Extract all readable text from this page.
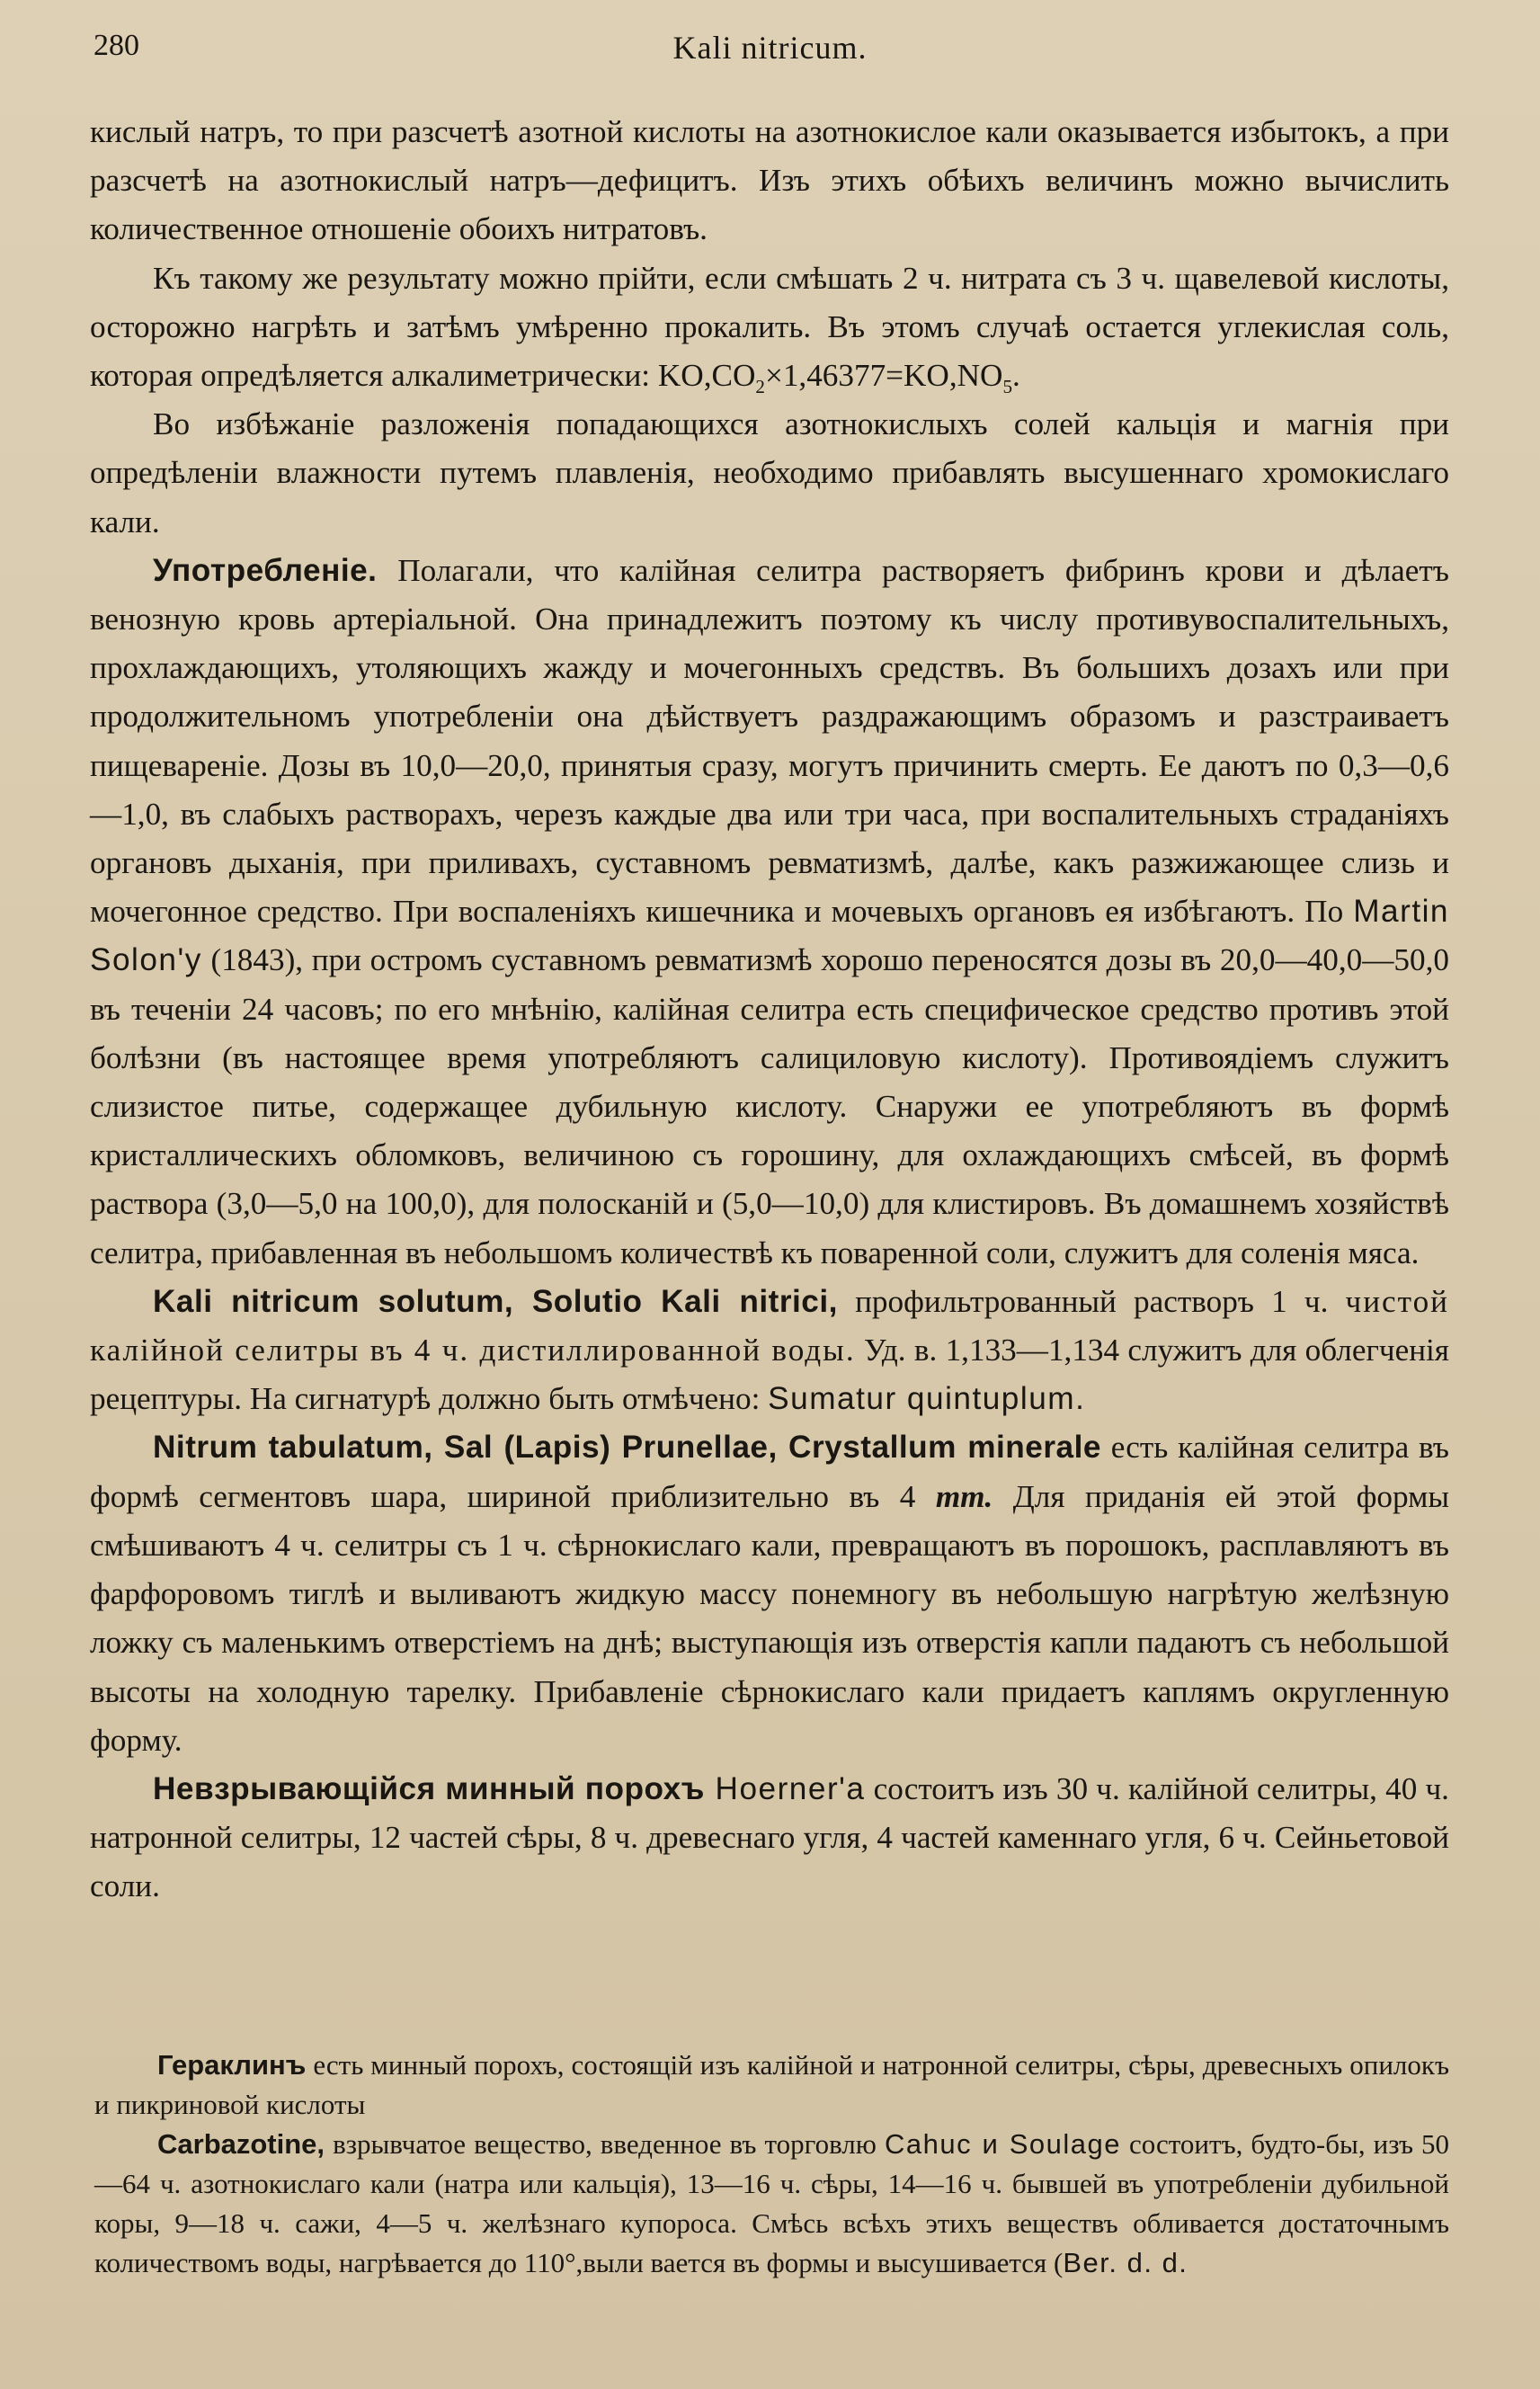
280	Kali nitricum.

кислый натръ, то при разсчетѣ азотной кислоты на азотнокислое кали оказывается избытокъ, а при разсчетѣ на азотнокислый натръ—дефицитъ. Изъ этихъ обѣихъ величинъ можно вычислить количественное отношеніе обоихъ нитратовъ.

Къ такому же результату можно прійти, если смѣшать 2 ч. нитрата съ 3 ч. щавелевой кислоты, осторожно нагрѣть и затѣмъ умѣренно прокалить. Въ этомъ случаѣ остается углекислая соль, которая опредѣляется алкалиметрически: $KO,CO_2\times 1,46377=KO,NO_5$.

Во избѣжаніе разложенія попадающихся азотнокислыхъ солей кальція и магнія при опредѣленіи влажности путемъ плавленія, необходимо прибавлять высушеннаго хромокислаго кали.

Употребленіе. Полагали, что калійная селитра растворяетъ фибринъ крови и дѣлаетъ венозную кровь артеріальной. Она принадлежитъ поэтому къ числу противувоспалительныхъ, прохлаждающихъ, утоляющихъ жажду и мочегонныхъ средствъ. Въ большихъ дозахъ или при продолжительномъ употребленіи она дѣйствуетъ раздражающимъ образомъ и разстраиваетъ пищевареніе. Дозы въ 10,0—20,0, принятыя сразу, могутъ причинить смерть. Ее даютъ по 0,3—0,6—1,0, въ слабыхъ растворахъ, черезъ каждые два или три часа, при воспалительныхъ страданіяхъ органовъ дыханія, при приливахъ, суставномъ ревматизмѣ, далѣе, какъ разжижающее слизь и мочегонное средство. При воспаленіяхъ кишечника и мочевыхъ органовъ ея избѣгаютъ. По Martin Solon'y (1843), при остромъ суставномъ ревматизмѣ хорошо переносятся дозы въ 20,0—40,0—50,0 въ теченіи 24 часовъ; по его мнѣнію, калійная селитра есть специфическое средство противъ этой болѣзни (въ настоящее время употребляютъ салициловую кислоту). Противоядіемъ служитъ слизистое питье, содержащее дубильную кислоту. Снаружи ее употребляютъ въ формѣ кристаллическихъ обломковъ, величиною съ горошину, для охлаждающихъ смѣсей, въ формѣ раствора (3,0—5,0 на 100,0), для полосканій и (5,0—10,0) для клистировъ. Въ домашнемъ хозяйствѣ селитра, прибавленная въ небольшомъ количествѣ къ поваренной соли, служитъ для соленія мяса.

Kali nitricum solutum, Solutio Kali nitrici, профильтрованный растворъ 1 ч. чистой калійной селитры въ 4 ч. дистиллированной воды. Уд. в. 1,133—1,134 служитъ для облегченія рецептуры. На сигнатурѣ должно быть отмѣчено: Sumatur quintuplum.

Nitrum tabulatum, Sal (Lapis) Prunellae, Crystallum minerale есть калійная селитра въ формѣ сегментовъ шара, шириной приблизительно въ 4 mm. Для приданія ей этой формы смѣшиваютъ 4 ч. селитры съ 1 ч. сѣрнокислаго кали, превращаютъ въ порошокъ, расплавляютъ въ фарфоровомъ тиглѣ и выливаютъ жидкую массу понемногу въ небольшую нагрѣтую желѣзную ложку съ маленькимъ отверстіемъ на днѣ; выступающія изъ отверстія капли падаютъ съ небольшой высоты на холодную тарелку. Прибавленіе сѣрнокислаго кали придаетъ каплямъ округленную форму.

Невзрывающійся минный порохъ Hoerner'a состоитъ изъ 30 ч. калійной селитры, 40 ч. натронной селитры, 12 частей сѣры, 8 ч. древеснаго угля, 4 частей каменнаго угля, 6 ч. Сейньетовой соли.

Гераклинъ есть минный порохъ, состоящій изъ калійной и натронной селитры, сѣры, древесныхъ опилокъ и пикриновой кислоты

Carbazotine, взрывчатое вещество, введенное въ торговлю Cahuc и Soulage состоитъ, будто-бы, изъ 50—64 ч. азотнокислаго кали (натра или кальція), 13—16 ч. сѣры, 14—16 ч. бывшей въ употребленіи дубильной коры, 9—18 ч. сажи, 4—5 ч. желѣзнаго купороса. Смѣсь всѣхъ этихъ веществъ обливается достаточнымъ количествомъ воды, нагрѣвается до 110°,выли вается въ формы и высушивается (Ber. d. d.
